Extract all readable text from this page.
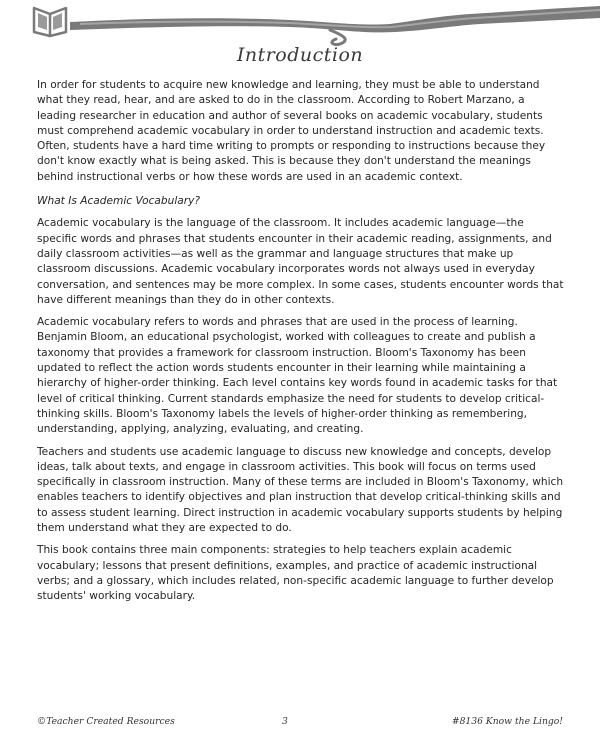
Introduction

In order for students to acquire new knowledge and learning, they must be able to understand what they read, hear, and are asked to do in the classroom. According to Robert Marzano, a leading researcher in education and author of several books on academic vocabulary, students must comprehend academic vocabulary in order to understand instruction and academic texts. Often, students have a hard time writing to prompts or responding to instructions because they don't know exactly what is being asked. This is because they don't understand the meanings behind instructional verbs or how these words are used in an academic context.

What Is Academic Vocabulary?

Academic vocabulary is the language of the classroom. It includes academic language—the specific words and phrases that students encounter in their academic reading, assignments, and daily classroom activities—as well as the grammar and language structures that make up classroom discussions. Academic vocabulary incorporates words not always used in everyday conversation, and sentences may be more complex. In some cases, students encounter words that have different meanings than they do in other contexts.

Academic vocabulary refers to words and phrases that are used in the process of learning. Benjamin Bloom, an educational psychologist, worked with colleagues to create and publish a taxonomy that provides a framework for classroom instruction. Bloom's Taxonomy has been updated to reflect the action words students encounter in their learning while maintaining a hierarchy of higher-order thinking. Each level contains key words found in academic tasks for that level of critical thinking. Current standards emphasize the need for students to develop critical-thinking skills. Bloom's Taxonomy labels the levels of higher-order thinking as remembering, understanding, applying, analyzing, evaluating, and creating.

Teachers and students use academic language to discuss new knowledge and concepts, develop ideas, talk about texts, and engage in classroom activities. This book will focus on terms used specifically in classroom instruction. Many of these terms are included in Bloom's Taxonomy, which enables teachers to identify objectives and plan instruction that develop critical-thinking skills and to assess student learning. Direct instruction in academic vocabulary supports students by helping them understand what they are expected to do.

This book contains three main components: strategies to help teachers explain academic vocabulary; lessons that present definitions, examples, and practice of academic instructional verbs; and a glossary, which includes related, non-specific academic language to further develop students' working vocabulary.

©Teacher Created Resources	3	#8136 Know the Lingo!
